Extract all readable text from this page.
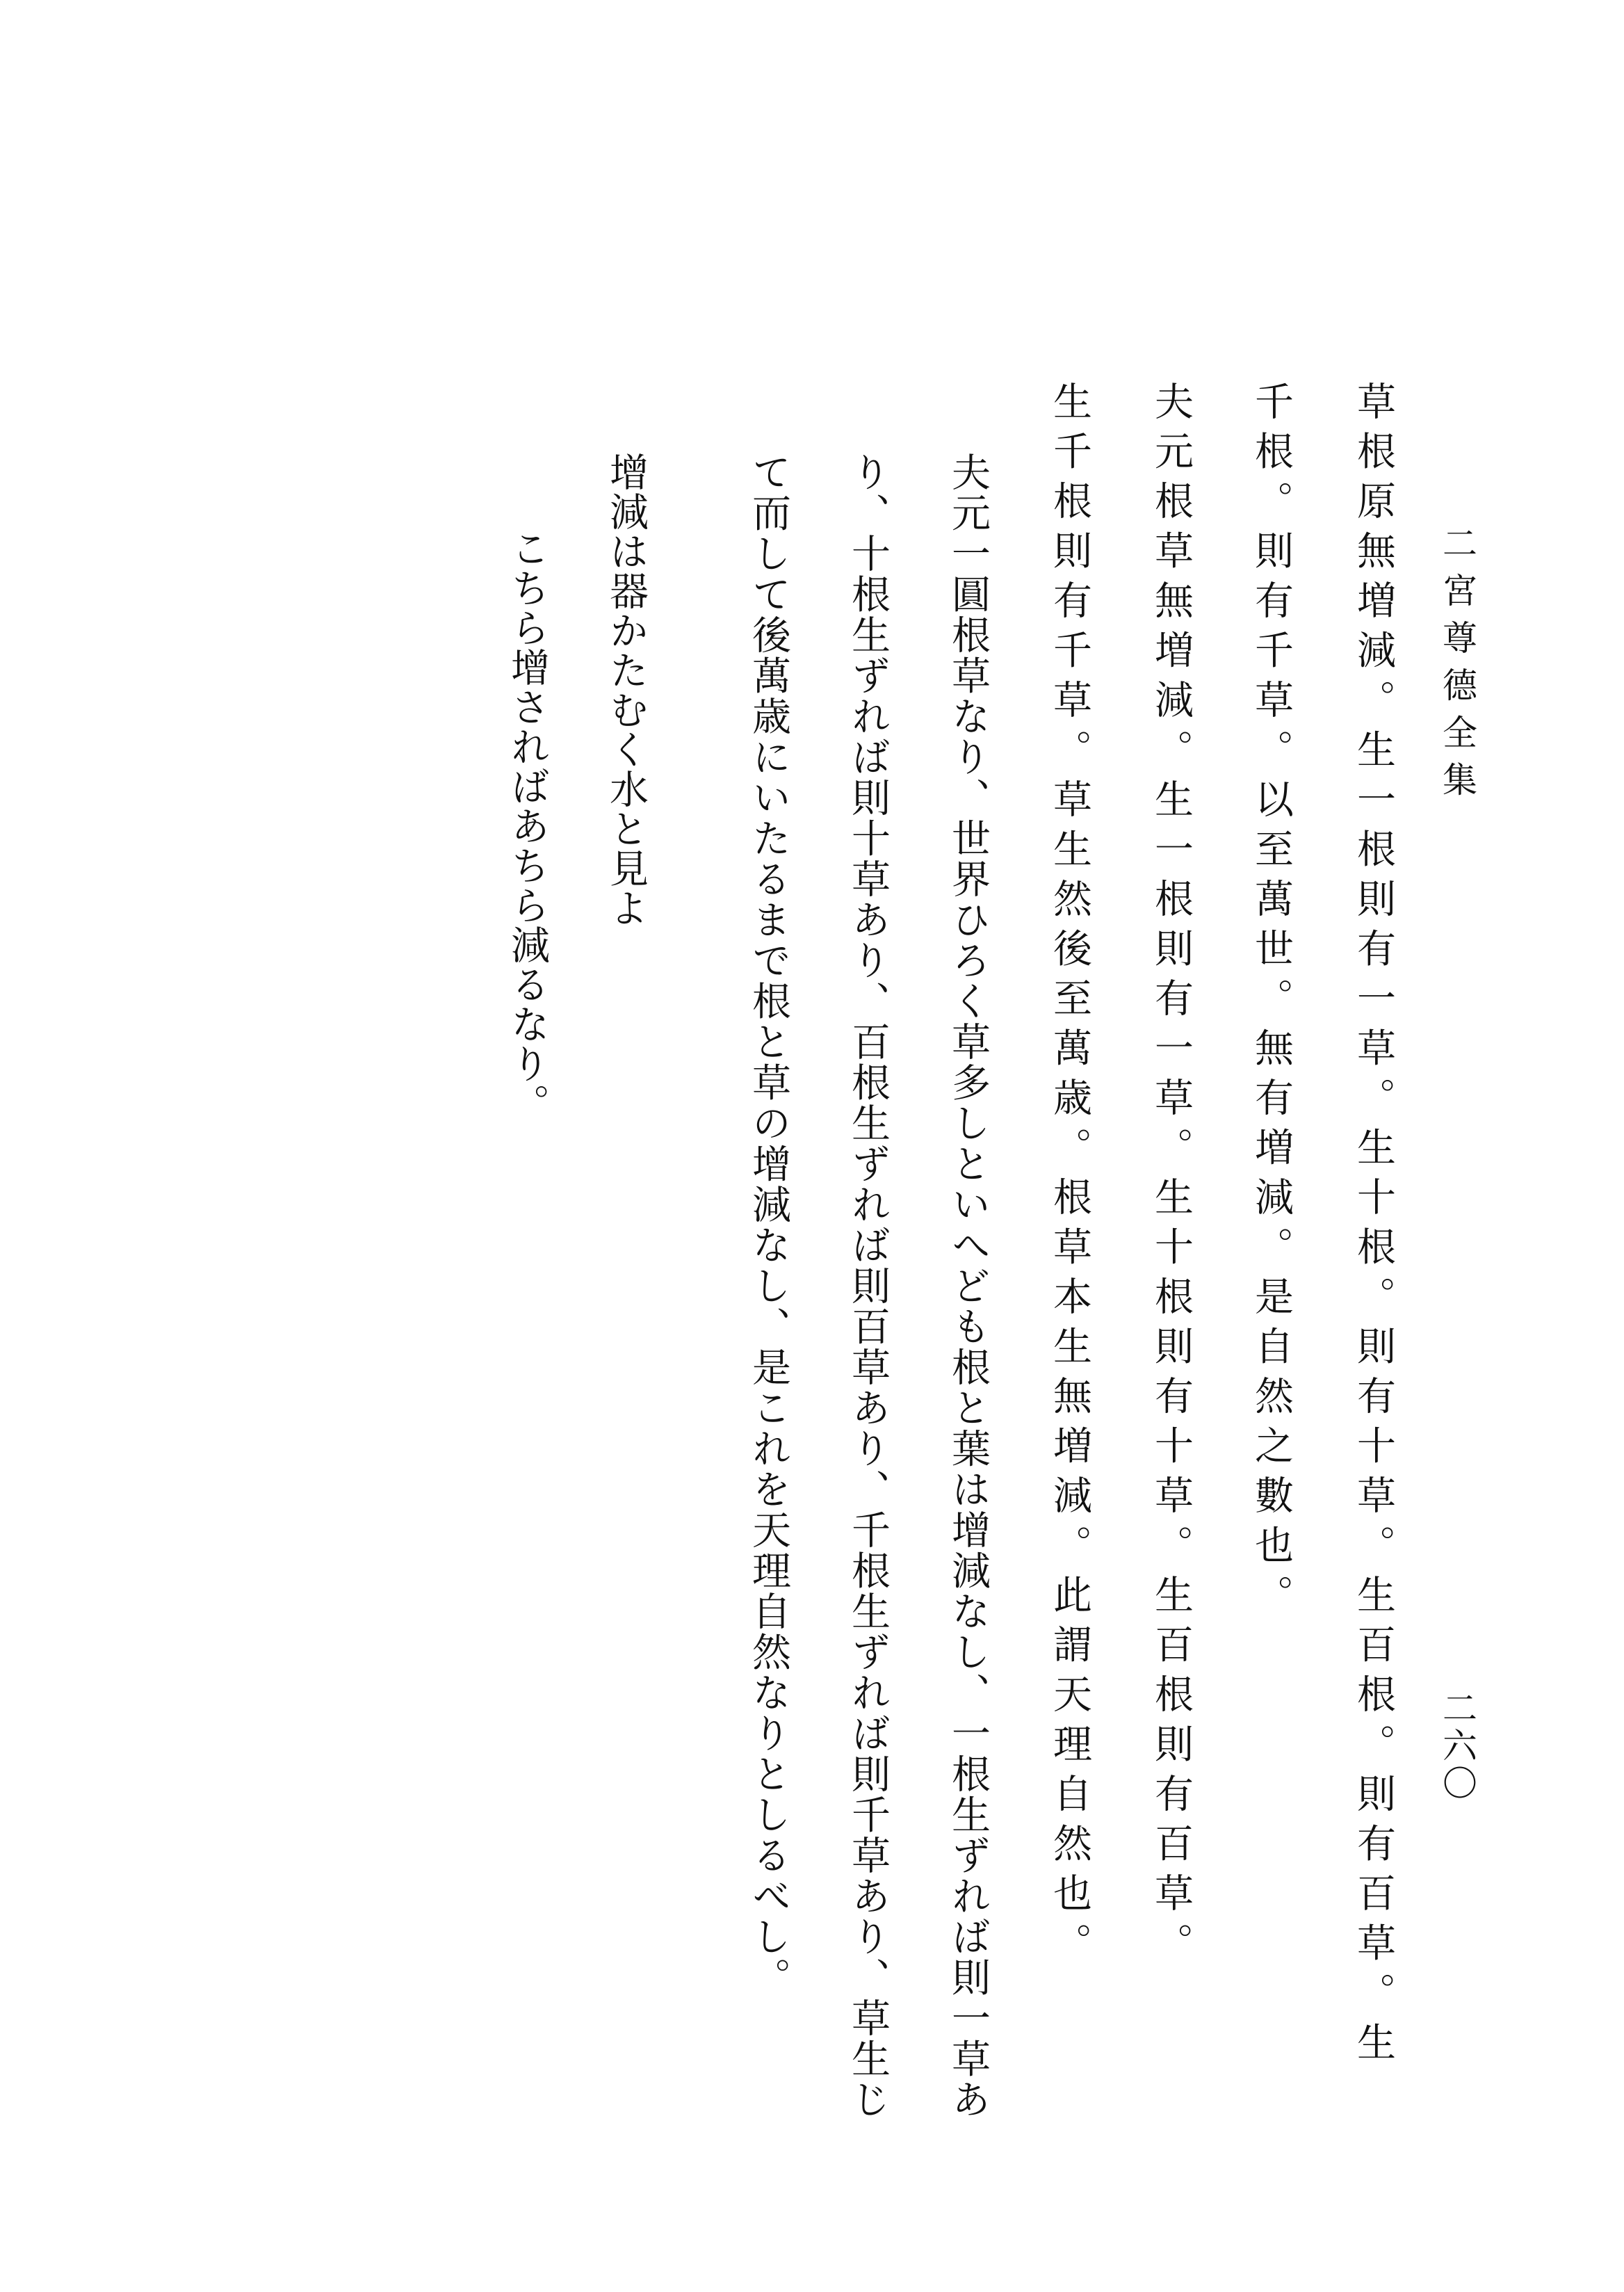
二宮尊德全集
二六〇
草根原無増減。生一根則有一草。生十根。則有十草。生百根。則有百草。生
千根。則有千草。以至萬世。無有増減。是自然之數也。
夫元根草無増減。生一根則有一草。生十根則有十草。生百根則有百草。
生千根則有千草。草生然後至萬歳。根草本生無増減。此謂天理自然也。
夫元一圓根草なり、世界ひろく草多しといへども根と葉は增減なし、一根生ずれば則一草あ
り、十根生ずれば則十草あり、百根生ずれば則百草あり、千根生ずれば則千草あり、草生じ
て而して後萬歳にいたるまで根と草の增減なし、是これを天理自然なりとしるべし。
增減は器かたむく水と見よ
こちら增さればあちら減るなり。
